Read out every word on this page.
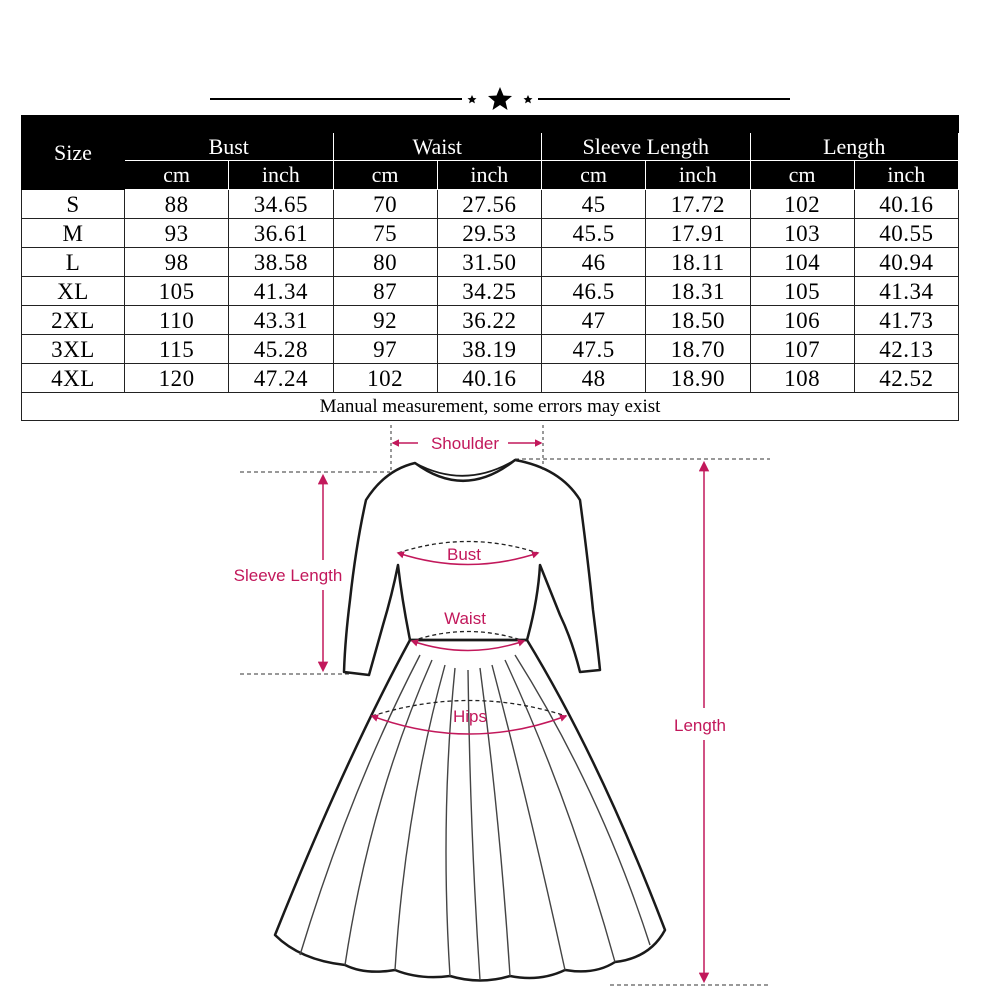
Size								
	Bust		Waist		Sleeve Length		Length	
	cm	inch	cm	inch	cm	inch	cm	inch
S	88	34.65	70	27.56	45	17.72	102	40.16
M	93	36.61	75	29.53	45.5	17.91	103	40.55
L	98	38.58	80	31.50	46	18.11	104	40.94
XL	105	41.34	87	34.25	46.5	18.31	105	41.34
2XL	110	43.31	92	36.22	47	18.50	106	41.73
3XL	115	45.28	97	38.19	47.5	18.70	107	42.13
4XL	120	47.24	102	40.16	48	18.90	108	42.52
Manual measurement, some errors may exist								
Shoulder
Length
Sleeve Length
Bust
Waist
Hips
